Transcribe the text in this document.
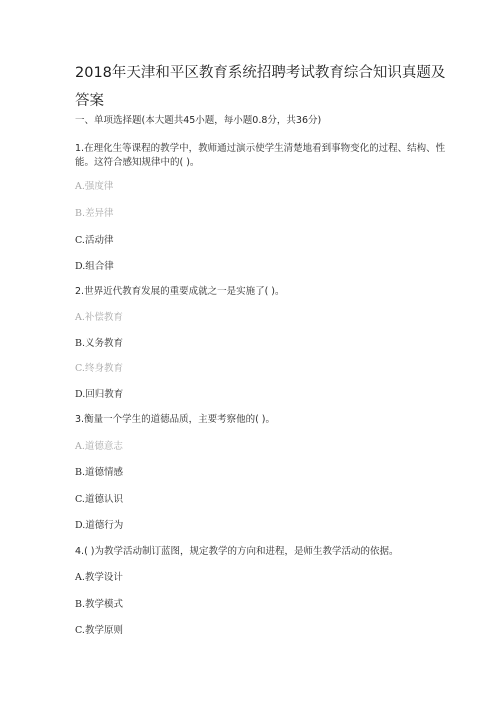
2018年天津和平区教育系统招聘考试教育综合知识真题及
答案
一、单项选择题(本大题共45小题，每小题0.8分，共36分)
1.在理化生等课程的教学中，教师通过演示使学生清楚地看到事物变化的过程、结构、性
能。这符合感知规律中的( )。
A.强度律
B.差异律
C.活动律
D.组合律
2.世界近代教育发展的重要成就之一是实施了( )。
A.补偿教育
B.义务教育
C.终身教育
D.回归教育
3.衡量一个学生的道德品质，主要考察他的( )。
A.道德意志
B.道德情感
C.道德认识
D.道德行为
4.( )为教学活动制订蓝图，规定教学的方向和进程，是师生教学活动的依据。
A.教学设计
B.教学模式
C.教学原则
